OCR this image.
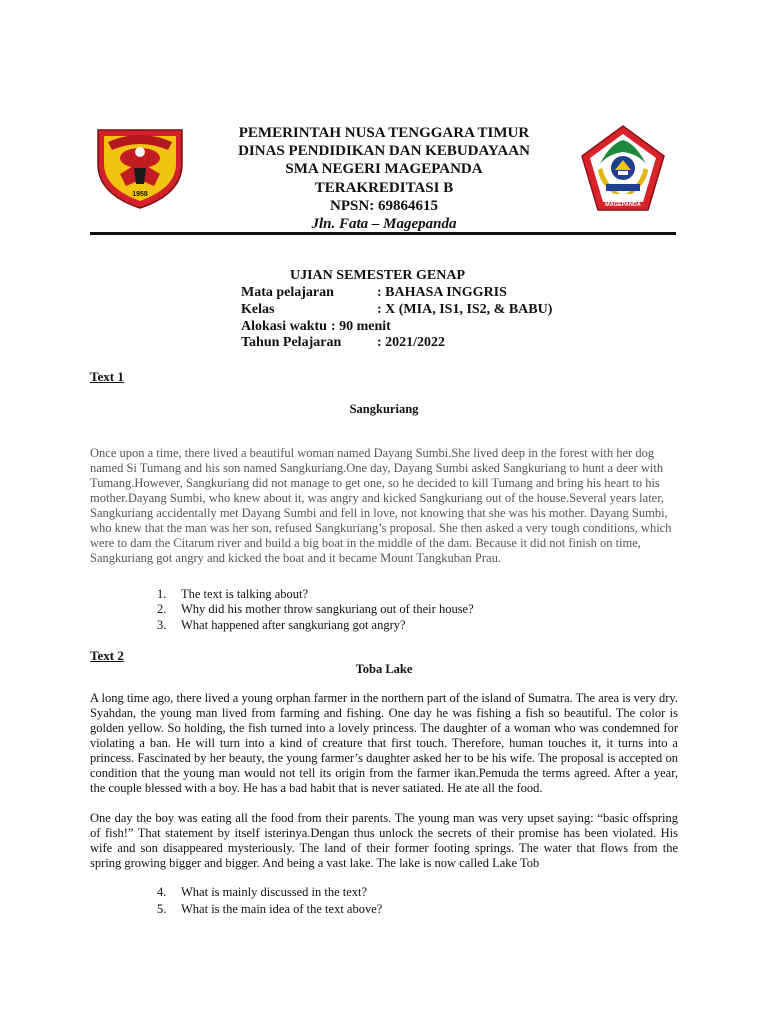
1958
MAGEPANDA
PEMERINTAH NUSA TENGGARA TIMUR
DINAS PENDIDIKAN DAN KEBUDAYAAN
SMA NEGERI MAGEPANDA
TERAKREDITASI B
NPSN: 69864615
Jln. Fata – Magepanda
UJIAN SEMESTER GENAP
Mata pelajaran	: BAHASA INGGRIS
Kelas	: X (MIA, IS1, IS2, & BABU)
Alokasi waktu : 90 menit
Tahun Pelajaran	: 2021/2022
Text 1
Sangkuriang
Once upon a time, there lived a beautiful woman named Dayang Sumbi.She lived deep in the forest with her dog
named Si Tumang and his son named Sangkuriang.One day, Dayang Sumbi asked Sangkuriang to hunt a deer with
Tumang.However, Sangkuriang did not manage to get one, so he decided to kill Tumang and bring his heart to his
mother.Dayang Sumbi, who knew about it, was angry and kicked Sangkuriang out of the house.Several years later,
Sangkuriang accidentally met Dayang Sumbi and fell in love, not knowing that she was his mother. Dayang Sumbi,
who knew that the man was her son, refused Sangkuriang’s proposal. She then asked a very tough conditions, which
were to dam the Citarum river and build a big boat in the middle of the dam. Because it did not finish on time,
Sangkuriang got angry and kicked the boat and it became Mount Tangkuban Prau.
1.	The text is talking about?
2.	Why did his mother throw sangkuriang out of their house?
3.	What happened after sangkuriang got angry?
Text 2
Toba Lake
A long time ago, there lived a young orphan farmer in the northern part of the island of Sumatra. The area is very dry. Syahdan, the young man lived from farming and fishing. One day he was fishing a fish so beautiful. The color is golden yellow. So holding, the fish turned into a lovely princess. The daughter of a woman who was condemned for violating a ban. He will turn into a kind of creature that first touch. Therefore, human touches it, it turns into a princess. Fascinated by her beauty, the young farmer’s daughter asked her to be his wife. The proposal is accepted on condition that the young man would not tell its origin from the farmer ikan.Pemuda the terms agreed. After a year, the couple blessed with a boy. He has a bad habit that is never satiated. He ate all the food.
One day the boy was eating all the food from their parents. The young man was very upset saying: “basic offspring of fish!” That statement by itself isterinya.Dengan thus unlock the secrets of their promise has been violated. His wife and son disappeared mysteriously. The land of their former footing springs. The water that flows from the spring growing bigger and bigger. And being a vast lake. The lake is now called Lake Tob
4.	What is mainly discussed in the text?
5.	What is the main idea of the text above?
